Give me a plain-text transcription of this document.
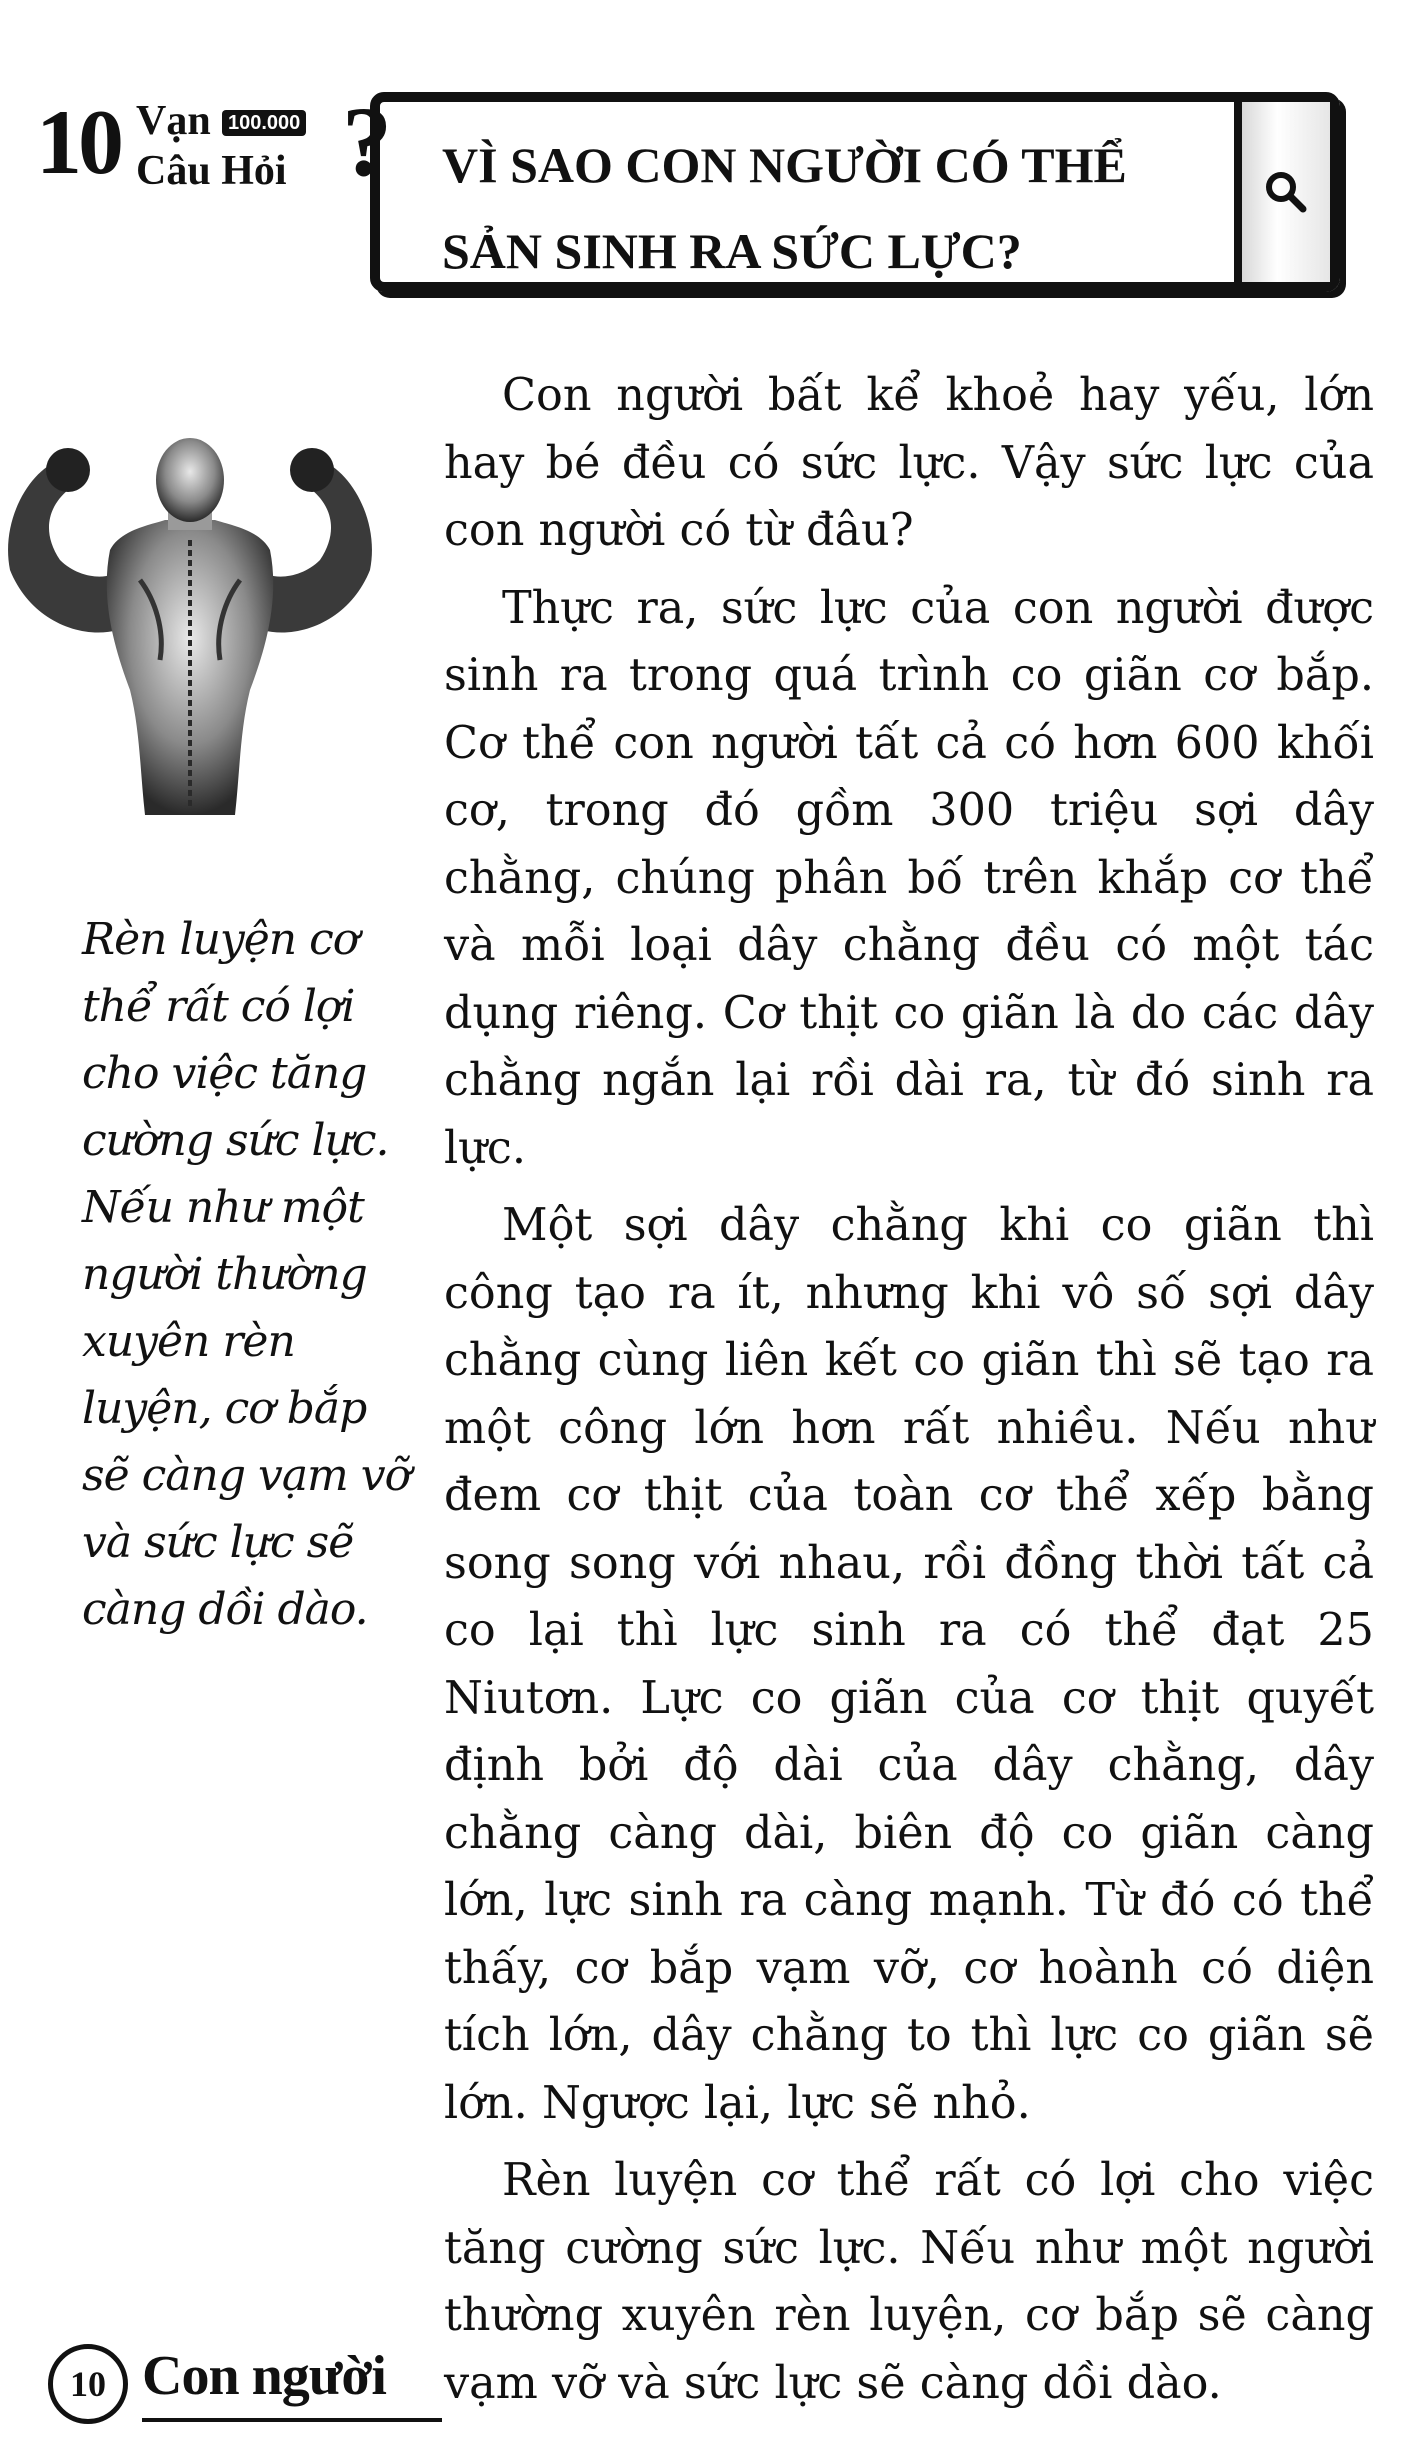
10 Vạn 100.000
Câu Hỏi ? VÌ SAO CON NGƯỜI CÓ THỂ SẢN SINH RA SỨC LỰC?
Rèn luyện cơ thể rất có lợi cho việc tăng cường sức lực. Nếu như một người thường xuyên rèn luyện, cơ bắp sẽ càng vạm vỡ và sức lực sẽ càng dồi dào.

Con người bất kể khoẻ hay yếu, lớn hay bé đều có sức lực. Vậy sức lực của con người có từ đâu?

Thực ra, sức lực của con người được sinh ra trong quá trình co giãn cơ bắp. Cơ thể con người tất cả có hơn 600 khối cơ, trong đó gồm 300 triệu sợi dây chằng, chúng phân bố trên khắp cơ thể và mỗi loại dây chằng đều có một tác dụng riêng. Cơ thịt co giãn là do các dây chằng ngắn lại rồi dài ra, từ đó sinh ra lực.

Một sợi dây chằng khi co giãn thì công tạo ra ít, nhưng khi vô số sợi dây chằng cùng liên kết co giãn thì sẽ tạo ra một công lớn hơn rất nhiều. Nếu như đem cơ thịt của toàn cơ thể xếp bằng song song với nhau, rồi đồng thời tất cả co lại thì lực sinh ra có thể đạt 25 Niutơn. Lực co giãn của cơ thịt quyết định bởi độ dài của dây chằng, dây chằng càng dài, biên độ co giãn càng lớn, lực sinh ra càng mạnh. Từ đó có thể thấy, cơ bắp vạm vỡ, cơ hoành có diện tích lớn, dây chằng to thì lực co giãn sẽ lớn. Ngược lại, lực sẽ nhỏ.

Rèn luyện cơ thể rất có lợi cho việc tăng cường sức lực. Nếu như một người thường xuyên rèn luyện, cơ bắp sẽ càng vạm vỡ và sức lực sẽ càng dồi dào.

10 Con người
